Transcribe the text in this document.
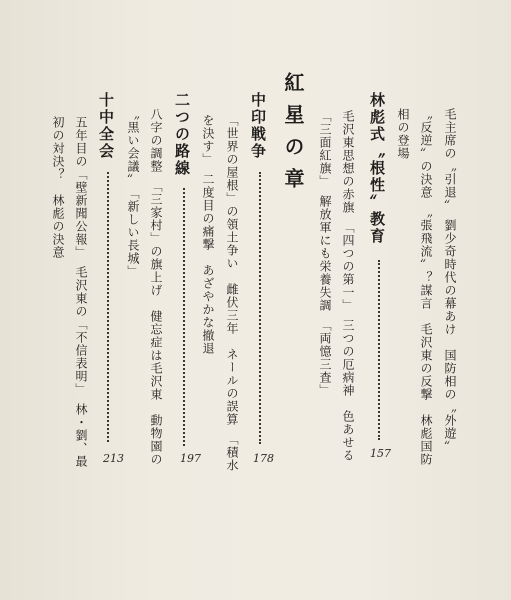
毛主席の〝引退〟　劉少奇時代の幕あけ　国防相の〝外遊〟
〝反逆〟の決意　〝張飛流〟？謀言　毛沢東の反撃　林彪国防
相の登場
林彪式〝根性〟教育
157
毛沢東思想の赤旗　「四つの第一」　三つの厄病神　色あせる
「三面紅旗」　解放軍にも栄養失調　「両憶三査」
紅星の章
中印戦争
178
「世界の屋根」の領土争い　雌伏三年　ネールの誤算　「積水
を決す」　二度目の痛撃　あざやかな撤退
二つの路線
197
八字の調整　「三家村」の旗上げ　健忘症は毛沢東　動物園の
〝黒い会議〟　「新しい長城」
十中全会
213
五年目の「壁新聞公報」　毛沢東の「不信表明」　林・劉、最
初の対決？　林彪の決意
